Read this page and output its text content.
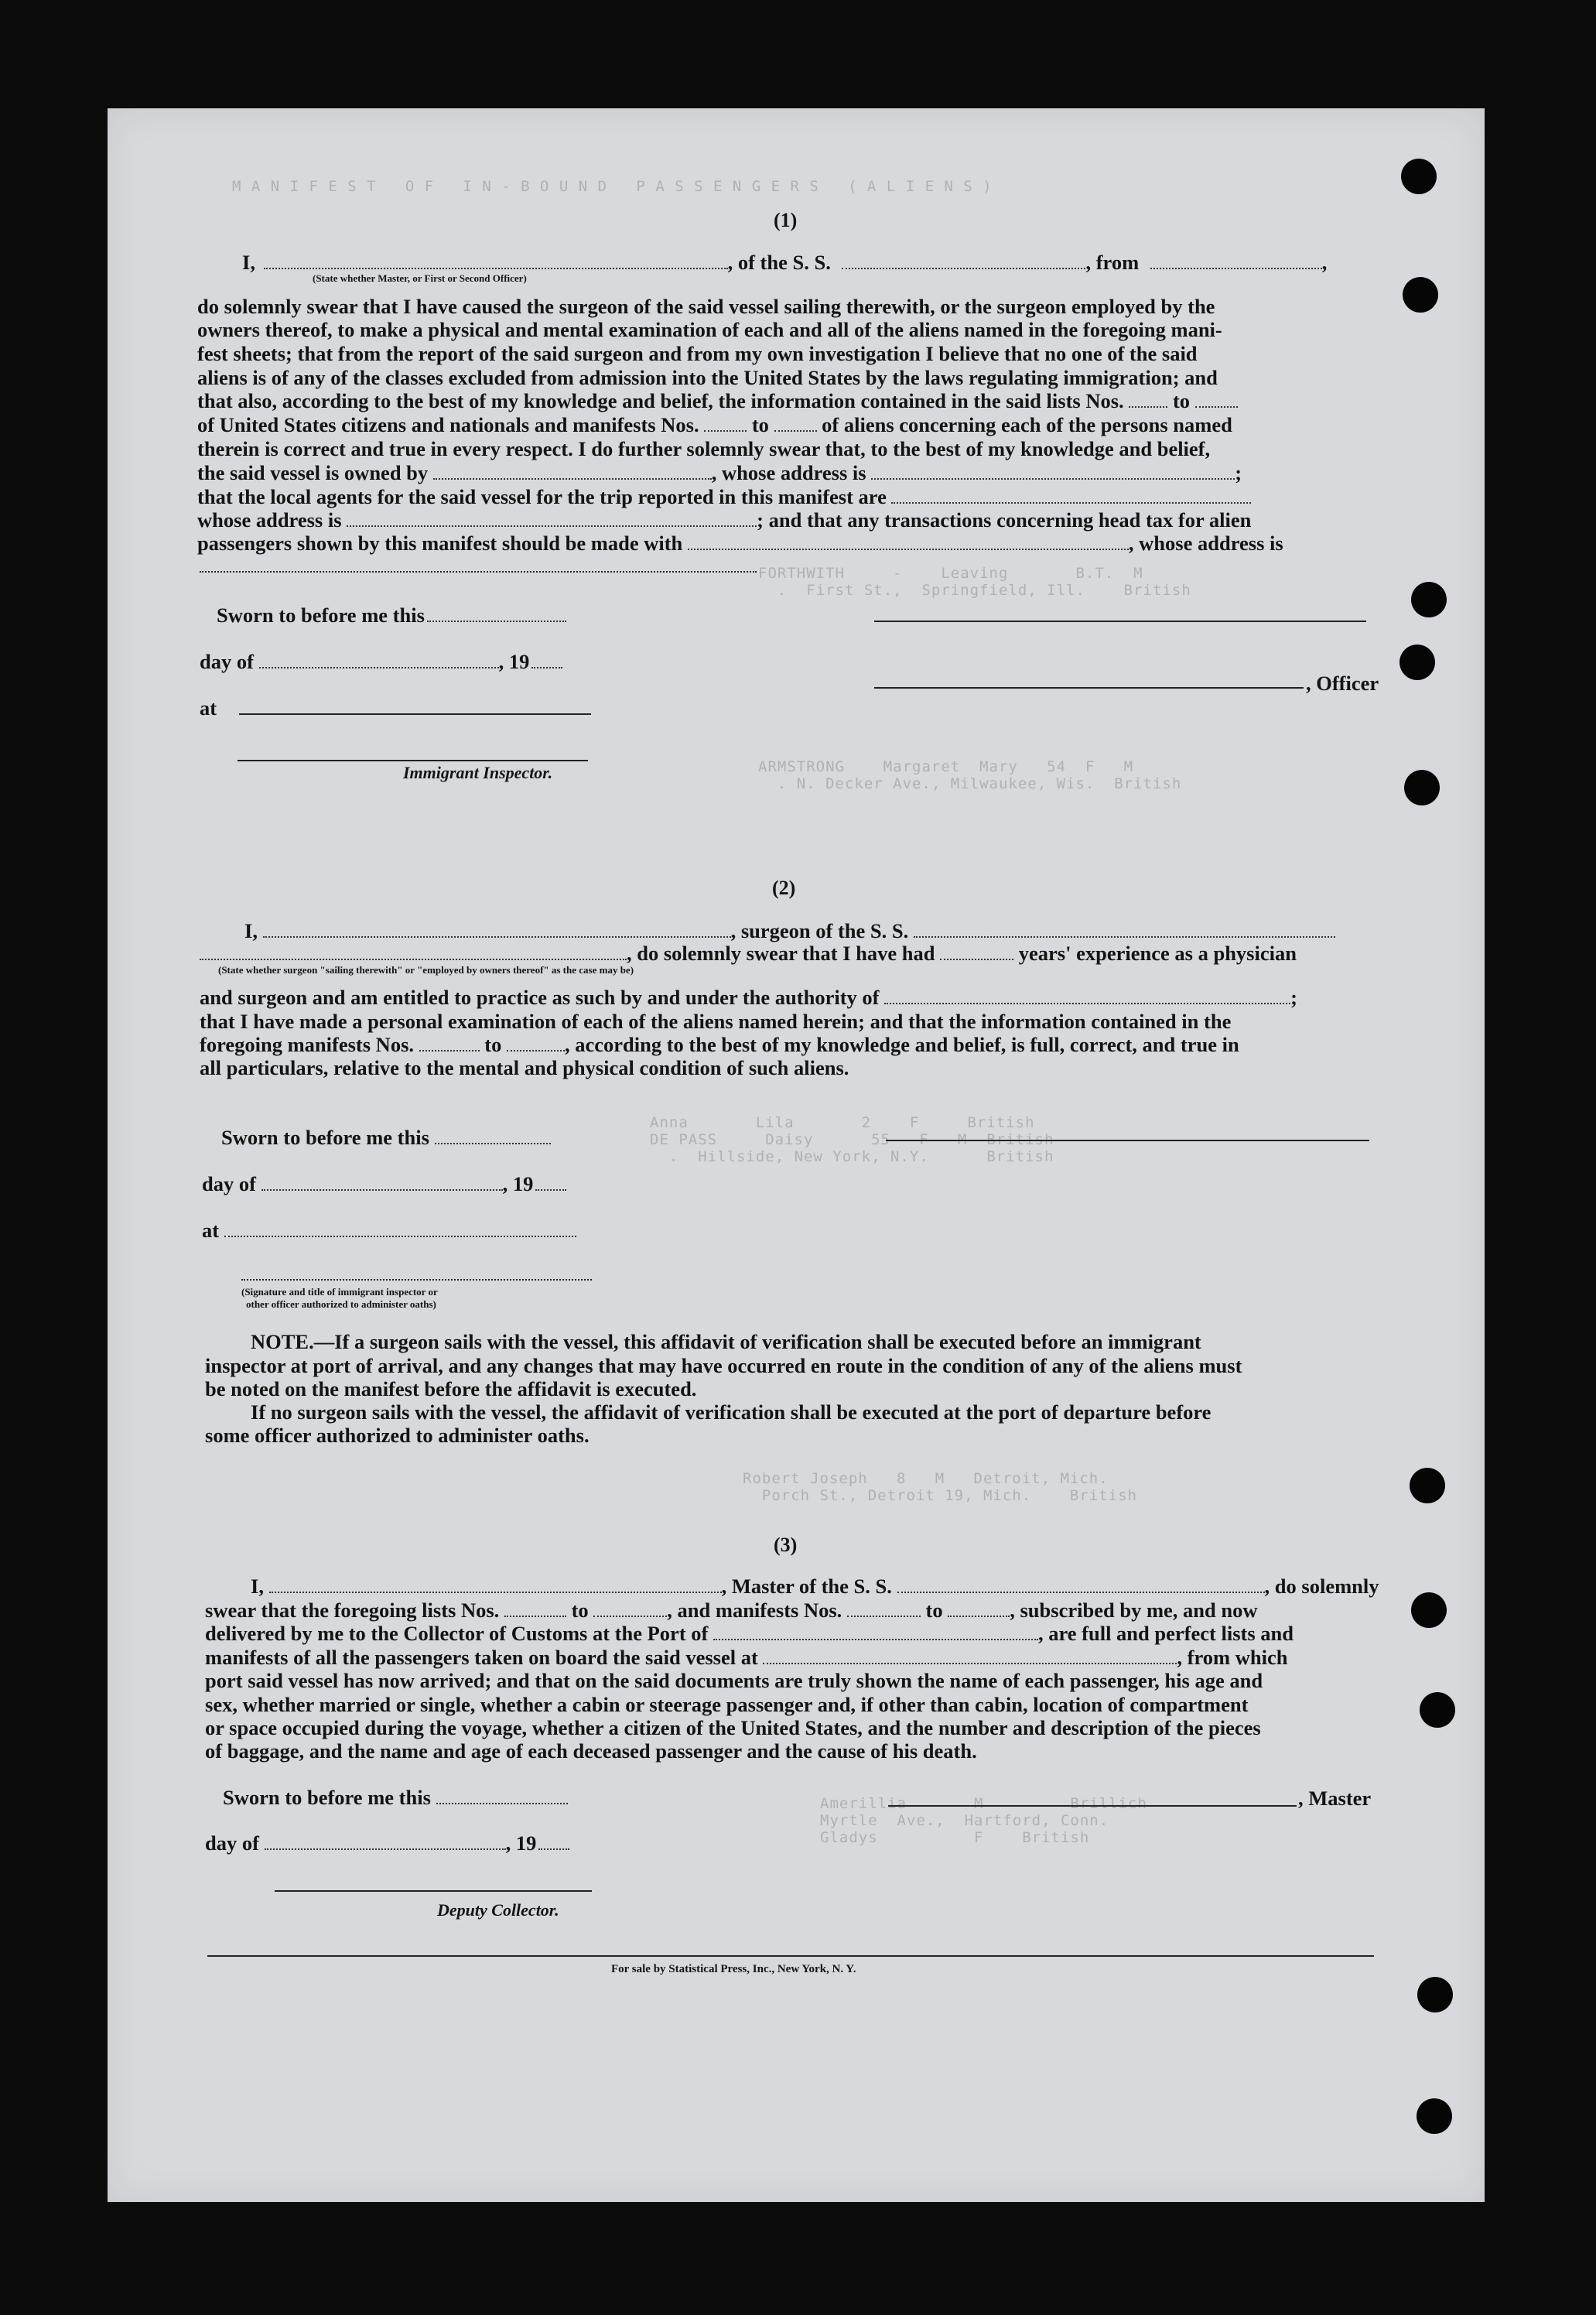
M A N I F E S T   O F   I N - B O U N D   P A S S E N G E R S   ( A L I E N S )
FORTHWITH     -    Leaving       B.T.  M
.  First St.,  Springfield, Ill.    British
ARMSTRONG    Margaret  Mary   54  F   M
. N. Decker Ave., Milwaukee, Wis.  British
Anna       Lila       2    F     British
DE PASS     Daisy      55   F   M  British
.  Hillside, New York, N.Y.      British
Robert Joseph   8   M   Detroit, Mich.
Porch St., Detroit 19, Mich.    British
Amerillia       M         Brillich
Myrtle  Ave.,  Hartford, Conn.
Gladys          F    British
(1)
I,	, of the S. S.	, from	,
(State whether Master, or First or Second Officer)
do solemnly swear that I have caused the surgeon of the said vessel sailing therewith, or the surgeon employed by the
owners thereof, to make a physical and mental examination of each and all of the aliens named in the foregoing mani-
fest sheets; that from the report of the said surgeon and from my own investigation I believe that no one of the said
aliens is of any of the classes excluded from admission into the United States by the laws regulating immigration; and
that also, according to the best of my knowledge and belief, the information contained in the said lists Nos. to
of United States citizens and nationals and manifests Nos.	to	of aliens concerning each of the persons named
therein is correct and true in every respect. I do further solemnly swear that, to the best of my knowledge and belief,
the said vessel is owned by	, whose address is	;
that the local agents for the said vessel for the trip reported in this manifest are
whose address is	; and that any transactions concerning head tax for alien
passengers shown by this manifest should be made with	, whose address is
Sworn to before me this
day of	, 19
, Officer
at
Immigrant Inspector.
(2)
I,	, surgeon of the S. S.
, do solemnly swear that I have had	years' experience as a physician
(State whether surgeon "sailing therewith" or "employed by owners thereof" as the case may be)
and surgeon and am entitled to practice as such by and under the authority of	;
that I have made a personal examination of each of the aliens named herein; and that the information contained in the
foregoing manifests Nos.	to	, according to the best of my knowledge and belief, is full, correct, and true in
all particulars, relative to the mental and physical condition of such aliens.
Sworn to before me this
day of	, 19
at
(Signature and title of immigrant inspector or
other officer authorized to administer oaths)
NOTE.—If a surgeon sails with the vessel, this affidavit of verification shall be executed before an immigrant
inspector at port of arrival, and any changes that may have occurred en route in the condition of any of the aliens must
be noted on the manifest before the affidavit is executed.
If no surgeon sails with the vessel, the affidavit of verification shall be executed at the port of departure before
some officer authorized to administer oaths.
(3)
I,	, Master of the S. S.	, do solemnly
swear that the foregoing lists Nos.	to	, and manifests Nos.	to	, subscribed by me, and now
delivered by me to the Collector of Customs at the Port of	, are full and perfect lists and
manifests of all the passengers taken on board the said vessel at	, from which
port said vessel has now arrived; and that on the said documents are truly shown the name of each passenger, his age and
sex, whether married or single, whether a cabin or steerage passenger and, if other than cabin, location of compartment
or space occupied during the voyage, whether a citizen of the United States, and the number and description of the pieces
of baggage, and the name and age of each deceased passenger and the cause of his death.
Sworn to before me this	, Master
day of	, 19
Deputy Collector.
For sale by Statistical Press, Inc., New York, N. Y.
